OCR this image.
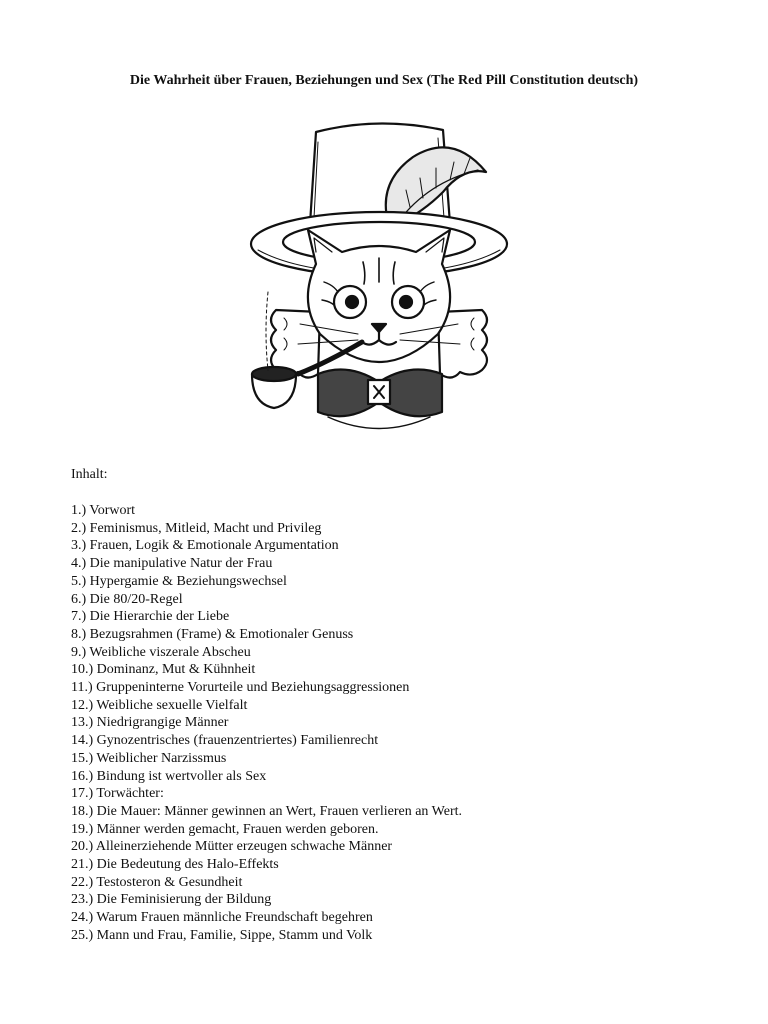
Die Wahrheit über Frauen, Beziehungen und Sex (The Red Pill Constitution deutsch)
Inhalt:
1.) Vorwort
2.) Feminismus, Mitleid, Macht und Privileg
3.) Frauen, Logik & Emotionale Argumentation
4.) Die manipulative Natur der Frau
5.) Hypergamie & Beziehungswechsel
6.) Die 80/20-Regel
7.) Die Hierarchie der Liebe
8.) Bezugsrahmen (Frame) & Emotionaler Genuss
9.) Weibliche viszerale Abscheu
10.) Dominanz, Mut & Kühnheit
11.) Gruppeninterne Vorurteile und Beziehungsaggressionen
12.) Weibliche sexuelle Vielfalt
13.) Niedrigrangige Männer
14.) Gynozentrisches (frauenzentriertes) Familienrecht
15.) Weiblicher Narzissmus
16.) Bindung ist wertvoller als Sex
17.) Torwächter:
18.) Die Mauer: Männer gewinnen an Wert, Frauen verlieren an Wert.
19.) Männer werden gemacht, Frauen werden geboren.
20.) Alleinerziehende Mütter erzeugen schwache Männer
21.) Die Bedeutung des Halo-Effekts
22.) Testosteron & Gesundheit
23.) Die Feminisierung der Bildung
24.) Warum Frauen männliche Freundschaft begehren
25.) Mann und Frau, Familie, Sippe, Stamm und Volk
